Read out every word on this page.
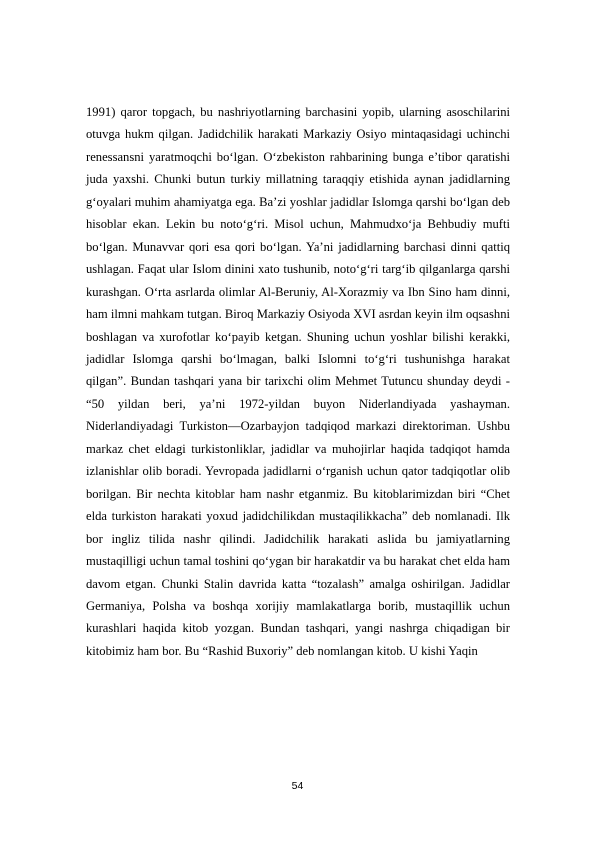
1991) qaror topgach, bu nashriyotlarning barchasini yopib, ularning asoschilarini otuvga hukm qilgan. Jadidchilik harakati Markaziy Osiyo mintaqasidagi uchinchi renessansni yaratmoqchi bo‘lgan. O‘zbekiston rahbarining bunga e’tibor qaratishi juda yaxshi. Chunki butun turkiy millatning taraqqiy etishida aynan jadidlarning g‘oyalari muhim ahamiyatga ega. Ba’zi yoshlar jadidlar Islomga qarshi bo‘lgan deb hisoblar ekan. Lekin bu noto‘g‘ri. Misol uchun, Mahmudxo‘ja Behbudiy mufti bo‘lgan. Munavvar qori esa qori bo‘lgan. Ya’ni jadidlarning barchasi dinni qattiq ushlagan. Faqat ular Islom dinini xato tushunib, noto‘g‘ri targ‘ib qilganlarga qarshi kurashgan. O‘rta asrlarda olimlar Al-Beruniy, Al-Xorazmiy va Ibn Sino ham dinni, ham ilmni mahkam tutgan. Biroq Markaziy Osiyoda XVI asrdan keyin ilm oqsashni boshlagan va xurofotlar ko‘payib ketgan. Shuning uchun yoshlar bilishi kerakki, jadidlar Islomga qarshi bo‘lmagan, balki Islomni to‘g‘ri tushunishga harakat qilgan”. Bundan tashqari yana bir tarixchi olim Mehmet Tutuncu shunday deydi - “50 yildan beri, ya’ni 1972-yildan buyon Niderlandiyada yashayman. Niderlandiyadagi Turkiston—Ozarbayjon tadqiqod markazi direktoriman. Ushbu markaz chet eldagi turkistonliklar, jadidlar va muhojirlar haqida tadqiqot hamda izlanishlar olib boradi. Yevropada jadidlarni o‘rganish uchun qator tadqiqotlar olib borilgan. Bir nechta kitoblar ham nashr etganmiz. Bu kitoblarimizdan biri “Chet elda turkiston harakati yoxud jadidchilikdan mustaqilikkacha” deb nomlanadi. Ilk bor ingliz tilida nashr qilindi. Jadidchilik harakati aslida bu jamiyatlarning mustaqilligi uchun tamal toshini qo‘ygan bir harakatdir va bu harakat chet elda ham davom etgan. Chunki Stalin davrida katta “tozalash” amalga oshirilgan. Jadidlar Germaniya, Polsha va boshqa xorijiy mamlakatlarga borib, mustaqillik uchun kurashlari haqida kitob yozgan. Bundan tashqari, yangi nashrga chiqadigan bir kitobimiz ham bor. Bu “Rashid Buxoriy” deb nomlangan kitob. U kishi Yaqin

54
